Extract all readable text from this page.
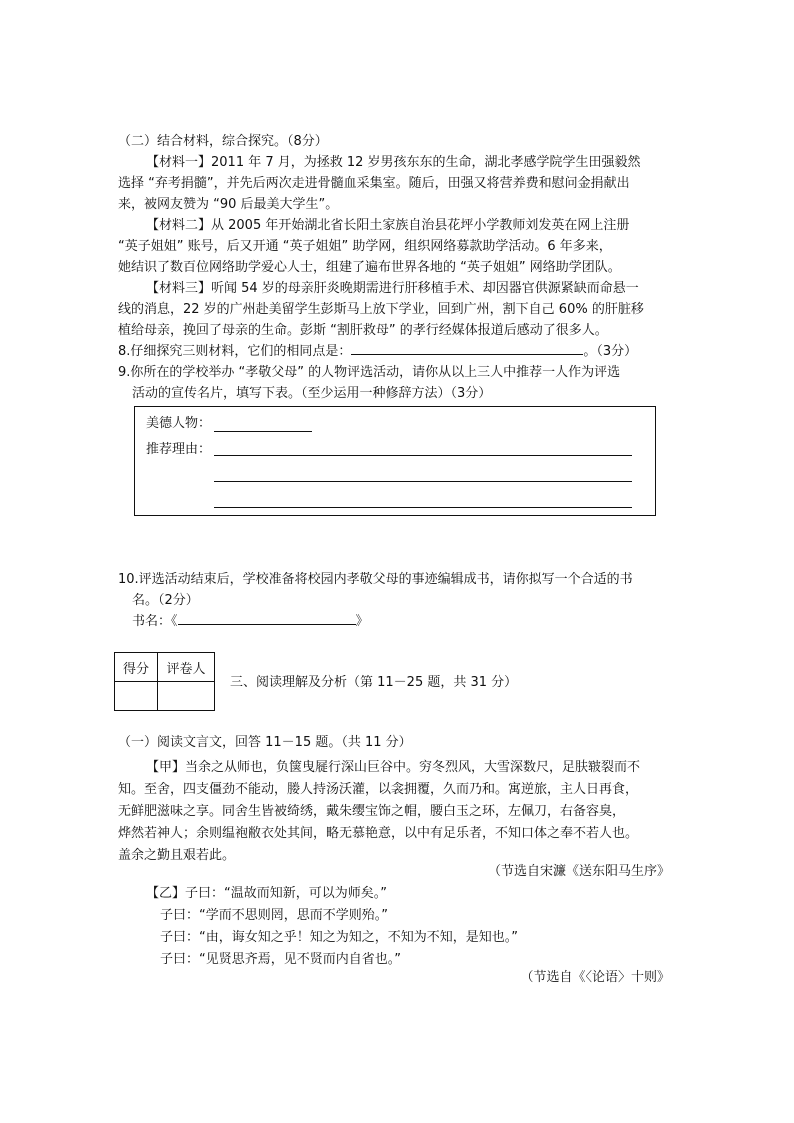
（二）结合材料，综合探究。（8分）
【材料一】2011 年 7 月，为拯救 12 岁男孩东东的生命，湖北孝感学院学生田强毅然
选择 “弃考捐髓”，并先后两次走进骨髓血采集室。随后，田强又将营养费和慰问金捐献出
来，被网友赞为 “90 后最美大学生”。
【材料二】从 2005 年开始湖北省长阳土家族自治县花坪小学教师刘发英在网上注册
“英子姐姐” 账号，后又开通 “英子姐姐” 助学网，组织网络募款助学活动。6 年多来，
她结识了数百位网络助学爱心人士，组建了遍布世界各地的 “英子姐姐” 网络助学团队。
【材料三】听闻 54 岁的母亲肝炎晚期需进行肝移植手术、却因器官供源紧缺而命悬一
线的消息，22 岁的广州赴美留学生彭斯马上放下学业，回到广州，割下自己 60% 的肝脏移
植给母亲，挽回了母亲的生命。彭斯 “割肝救母” 的孝行经媒体报道后感动了很多人。
8.仔细探究三则材料，它们的相同点是：	。（3分）
9.你所在的学校举办 “孝敬父母” 的人物评选活动，请你从以上三人中推荐一人作为评选
活动的宣传名片，填写下表。（至少运用一种修辞方法）（3分）
美德人物：
推荐理由：
10.评选活动结束后，学校准备将校园内孝敬父母的事迹编辑成书，请你拟写一个合适的书
名。（2分）
书名：《	》
得分	评卷人

三、阅读理解及分析（第 11－25 题，共 31 分）
（一）阅读文言文，回答 11－15 题。（共 11 分）
【甲】当余之从师也，负箧曳屣行深山巨谷中。穷冬烈风，大雪深数尺，足肤皲裂而不
知。至舍，四支僵劲不能动，媵人持汤沃灌，以衾拥覆，久而乃和。寓逆旅，主人日再食，
无鲜肥滋味之享。同舍生皆被绮绣，戴朱缨宝饰之帽，腰白玉之环，左佩刀，右备容臭，
烨然若神人；余则缊袍敝衣处其间，略无慕艳意，以中有足乐者，不知口体之奉不若人也。
盖余之勤且艰若此。
（节选自宋濂《送东阳马生序》
【乙】子曰：“温故而知新，可以为师矣。”
子曰：“学而不思则罔，思而不学则殆。”
子曰：“由，诲女知之乎！知之为知之，不知为不知，是知也。”
子曰：“见贤思齐焉，见不贤而内自省也。”
（节选自《〈论语〉十则》
